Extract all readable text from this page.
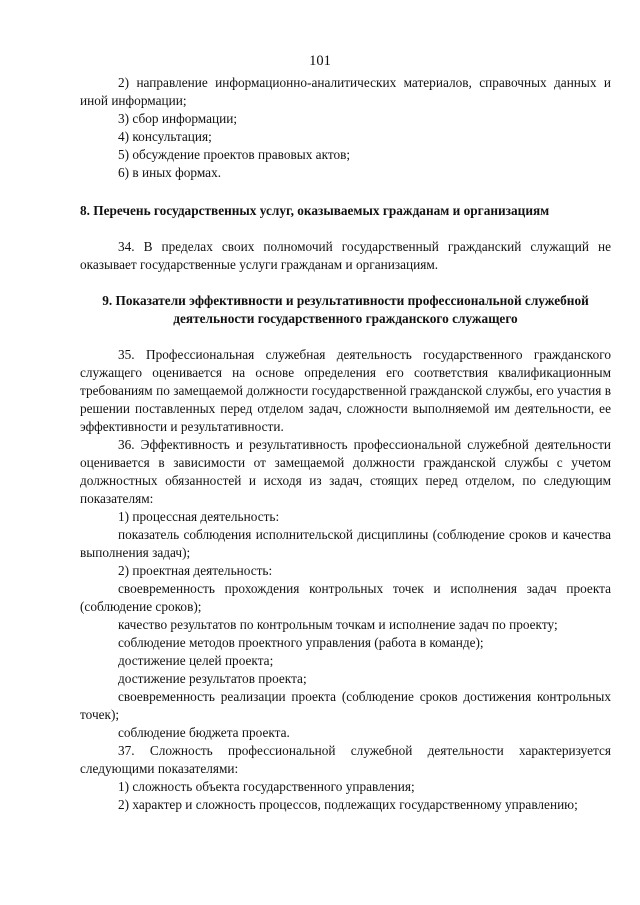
101

2) направление информационно-аналитических материалов, справочных данных и иной информации;

3) сбор информации;

4) консультация;

5) обсуждение проектов правовых актов;

6) в иных формах.

8. Перечень государственных услуг, оказываемых гражданам и организациям

34. В пределах своих полномочий государственный гражданский служащий не оказывает государственные услуги гражданам и организациям.

9. Показатели эффективности и результативности профессиональной служебной деятельности государственного гражданского служащего

35. Профессиональная служебная деятельность государственного гражданского служащего оценивается на основе определения его соответствия квалификационным требованиям по замещаемой должности государственной гражданской службы, его участия в решении поставленных перед отделом задач, сложности выполняемой им деятельности, ее эффективности и результативности.

36. Эффективность и результативность профессиональной служебной деятельности оценивается в зависимости от замещаемой должности гражданской службы с учетом должностных обязанностей и исходя из задач, стоящих перед отделом, по следующим показателям:

1) процессная деятельность:

показатель соблюдения исполнительской дисциплины (соблюдение сроков и качества выполнения задач);

2) проектная деятельность:

своевременность прохождения контрольных точек и исполнения задач проекта (соблюдение сроков);

качество результатов по контрольным точкам и исполнение задач по проекту;

соблюдение методов проектного управления (работа в команде);

достижение целей проекта;

достижение результатов проекта;

своевременность реализации проекта (соблюдение сроков достижения контрольных точек);

соблюдение бюджета проекта.

37. Сложность профессиональной служебной деятельности характеризуется следующими показателями:

1) сложность объекта государственного управления;

2) характер и сложность процессов, подлежащих государственному управлению;
